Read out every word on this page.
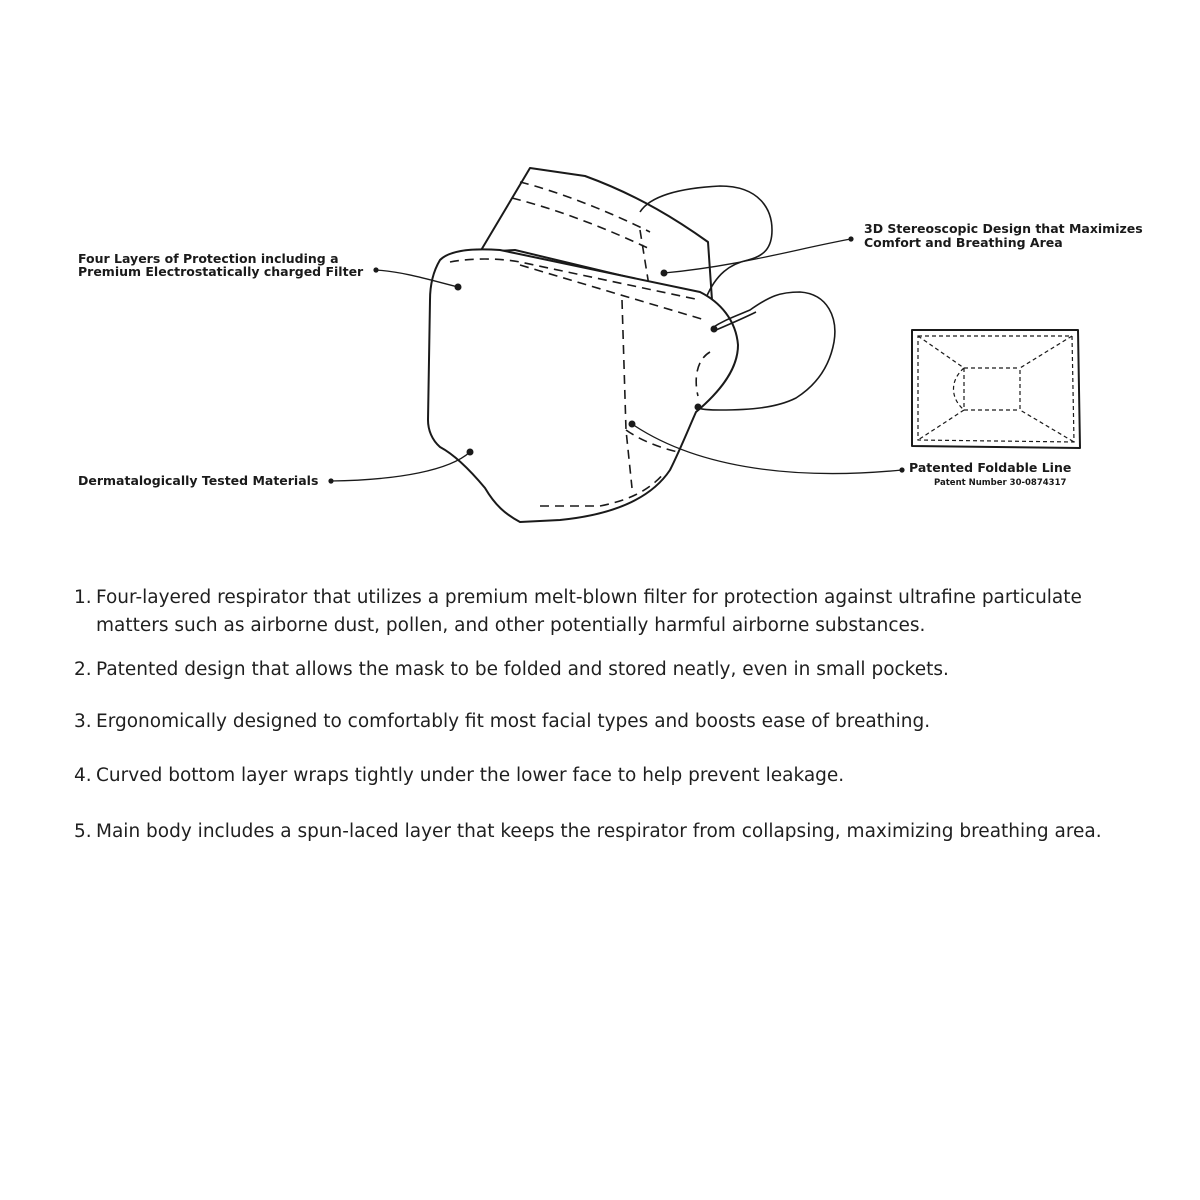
Four Layers of Protection including a
Premium Electrostatically charged Filter
3D Stereoscopic Design that Maximizes
Comfort and Breathing Area
Dermatalogically Tested Materials
Patented Foldable Line
Patent Number 30-0874317
1. Four-layered respirator that utilizes a premium melt-blown filter for protection against ultrafine particulate matters such as airborne dust, pollen, and other potentially harmful airborne substances.
2. Patented design that allows the mask to be folded and stored neatly, even in small pockets.
3. Ergonomically designed to comfortably fit most facial types and boosts ease of breathing.
4. Curved bottom layer wraps tightly under the lower face to help prevent leakage.
5. Main body includes a spun-laced layer that keeps the respirator from collapsing, maximizing breathing area.
